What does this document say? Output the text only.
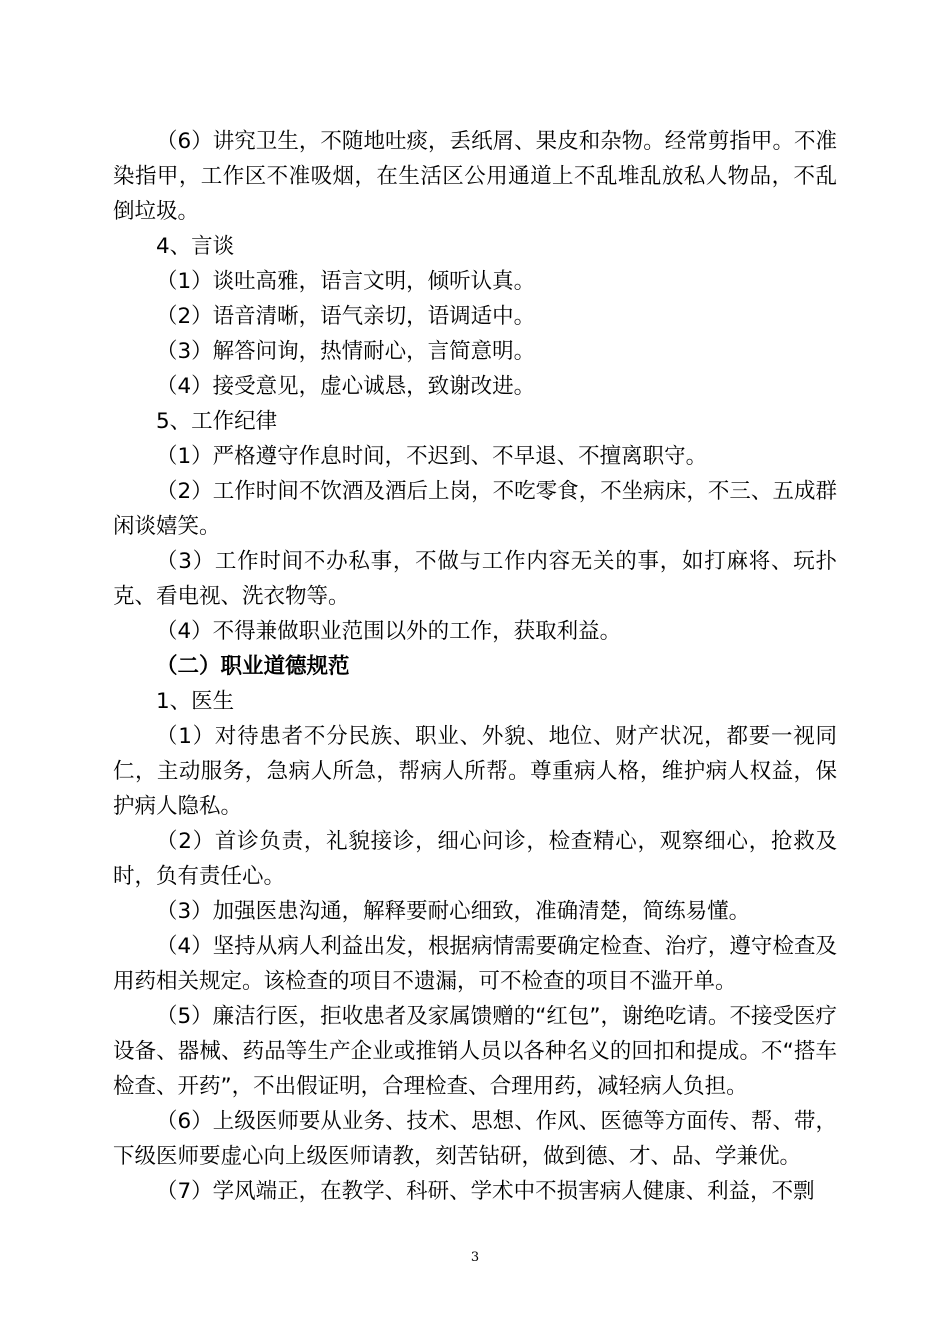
（6）讲究卫生，不随地吐痰，丢纸屑、果皮和杂物。经常剪指甲。不准染指甲，工作区不准吸烟，在生活区公用通道上不乱堆乱放私人物品，不乱倒垃圾。

4、言谈

（1）谈吐高雅，语言文明，倾听认真。

（2）语音清晰，语气亲切，语调适中。

（3）解答问询，热情耐心，言简意明。

（4）接受意见，虚心诚恳，致谢改进。

5、工作纪律

（1）严格遵守作息时间，不迟到、不早退、不擅离职守。

（2）工作时间不饮酒及酒后上岗，不吃零食，不坐病床，不三、五成群闲谈嬉笑。

（3）工作时间不办私事，不做与工作内容无关的事，如打麻将、玩扑克、看电视、洗衣物等。

（4）不得兼做职业范围以外的工作，获取利益。

（二）职业道德规范

1、医生

（1）对待患者不分民族、职业、外貌、地位、财产状况，都要一视同仁，主动服务，急病人所急，帮病人所帮。尊重病人格，维护病人权益，保护病人隐私。

（2）首诊负责，礼貌接诊，细心问诊，检查精心，观察细心，抢救及时，负有责任心。

（3）加强医患沟通，解释要耐心细致，准确清楚，简练易懂。

（4）坚持从病人利益出发，根据病情需要确定检查、治疗，遵守检查及用药相关规定。该检查的项目不遗漏，可不检查的项目不滥开单。

（5）廉洁行医，拒收患者及家属馈赠的“红包”，谢绝吃请。不接受医疗设备、器械、药品等生产企业或推销人员以各种名义的回扣和提成。不“搭车检查、开药”，不出假证明，合理检查、合理用药，减轻病人负担。

（6）上级医师要从业务、技术、思想、作风、医德等方面传、帮、带，下级医师要虚心向上级医师请教，刻苦钻研，做到德、才、品、学兼优。

（7）学风端正，在教学、科研、学术中不损害病人健康、利益，不剽

3
